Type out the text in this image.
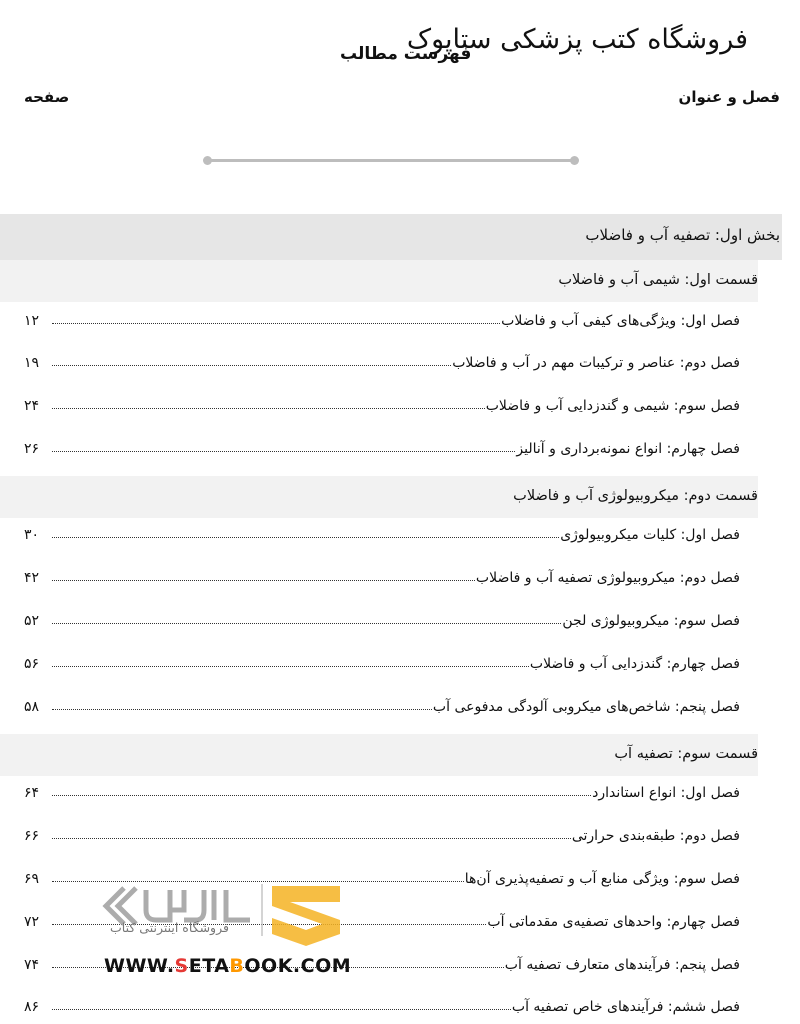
فروشگاه کتب پزشکی ستاپوک
فهرست مطالب
فصل و عنوان
صفحه
بخش اول: تصفیه آب و فاضلاب
قسمت اول: شیمی آب و فاضلاب
فصل اول: ویژگی‌های کیفی آب و فاضلاب
۱۲
فصل دوم: عناصر و ترکیبات مهم در آب و فاضلاب
۱۹
فصل سوم: شیمی و گندزدایی آب و فاضلاب
۲۴
فصل چهارم: انواع نمونه‌برداری و آنالیز
۲۶
قسمت دوم: میکروبیولوژی آب و فاضلاب
فصل اول: کلیات میکروبیولوژی
۳۰
فصل دوم: میکروبیولوژی تصفیه آب و فاضلاب
۴۲
فصل سوم: میکروبیولوژی لجن
۵۲
فصل چهارم: گندزدایی آب و فاضلاب
۵۶
فصل پنجم: شاخص‌های میکروبی آلودگی مدفوعی آب
۵۸
قسمت سوم: تصفیه آب
فصل اول: انواع استاندارد
۶۴
فصل دوم: طبقه‌بندی حرارتی
۶۶
فصل سوم: ویژگی منابع آب و تصفیه‌پذیری آن‌ها
۶۹
فصل چهارم: واحدهای تصفیه‌ی مقدماتی آب
۷۲
فصل پنجم: فرآیندهای متعارف تصفیه آب
۷۴
فصل ششم: فرآیندهای خاص تصفیه آب
۸۶
فروشگاه اینترنتی کتاب
WWW.SETABOOK.COM
